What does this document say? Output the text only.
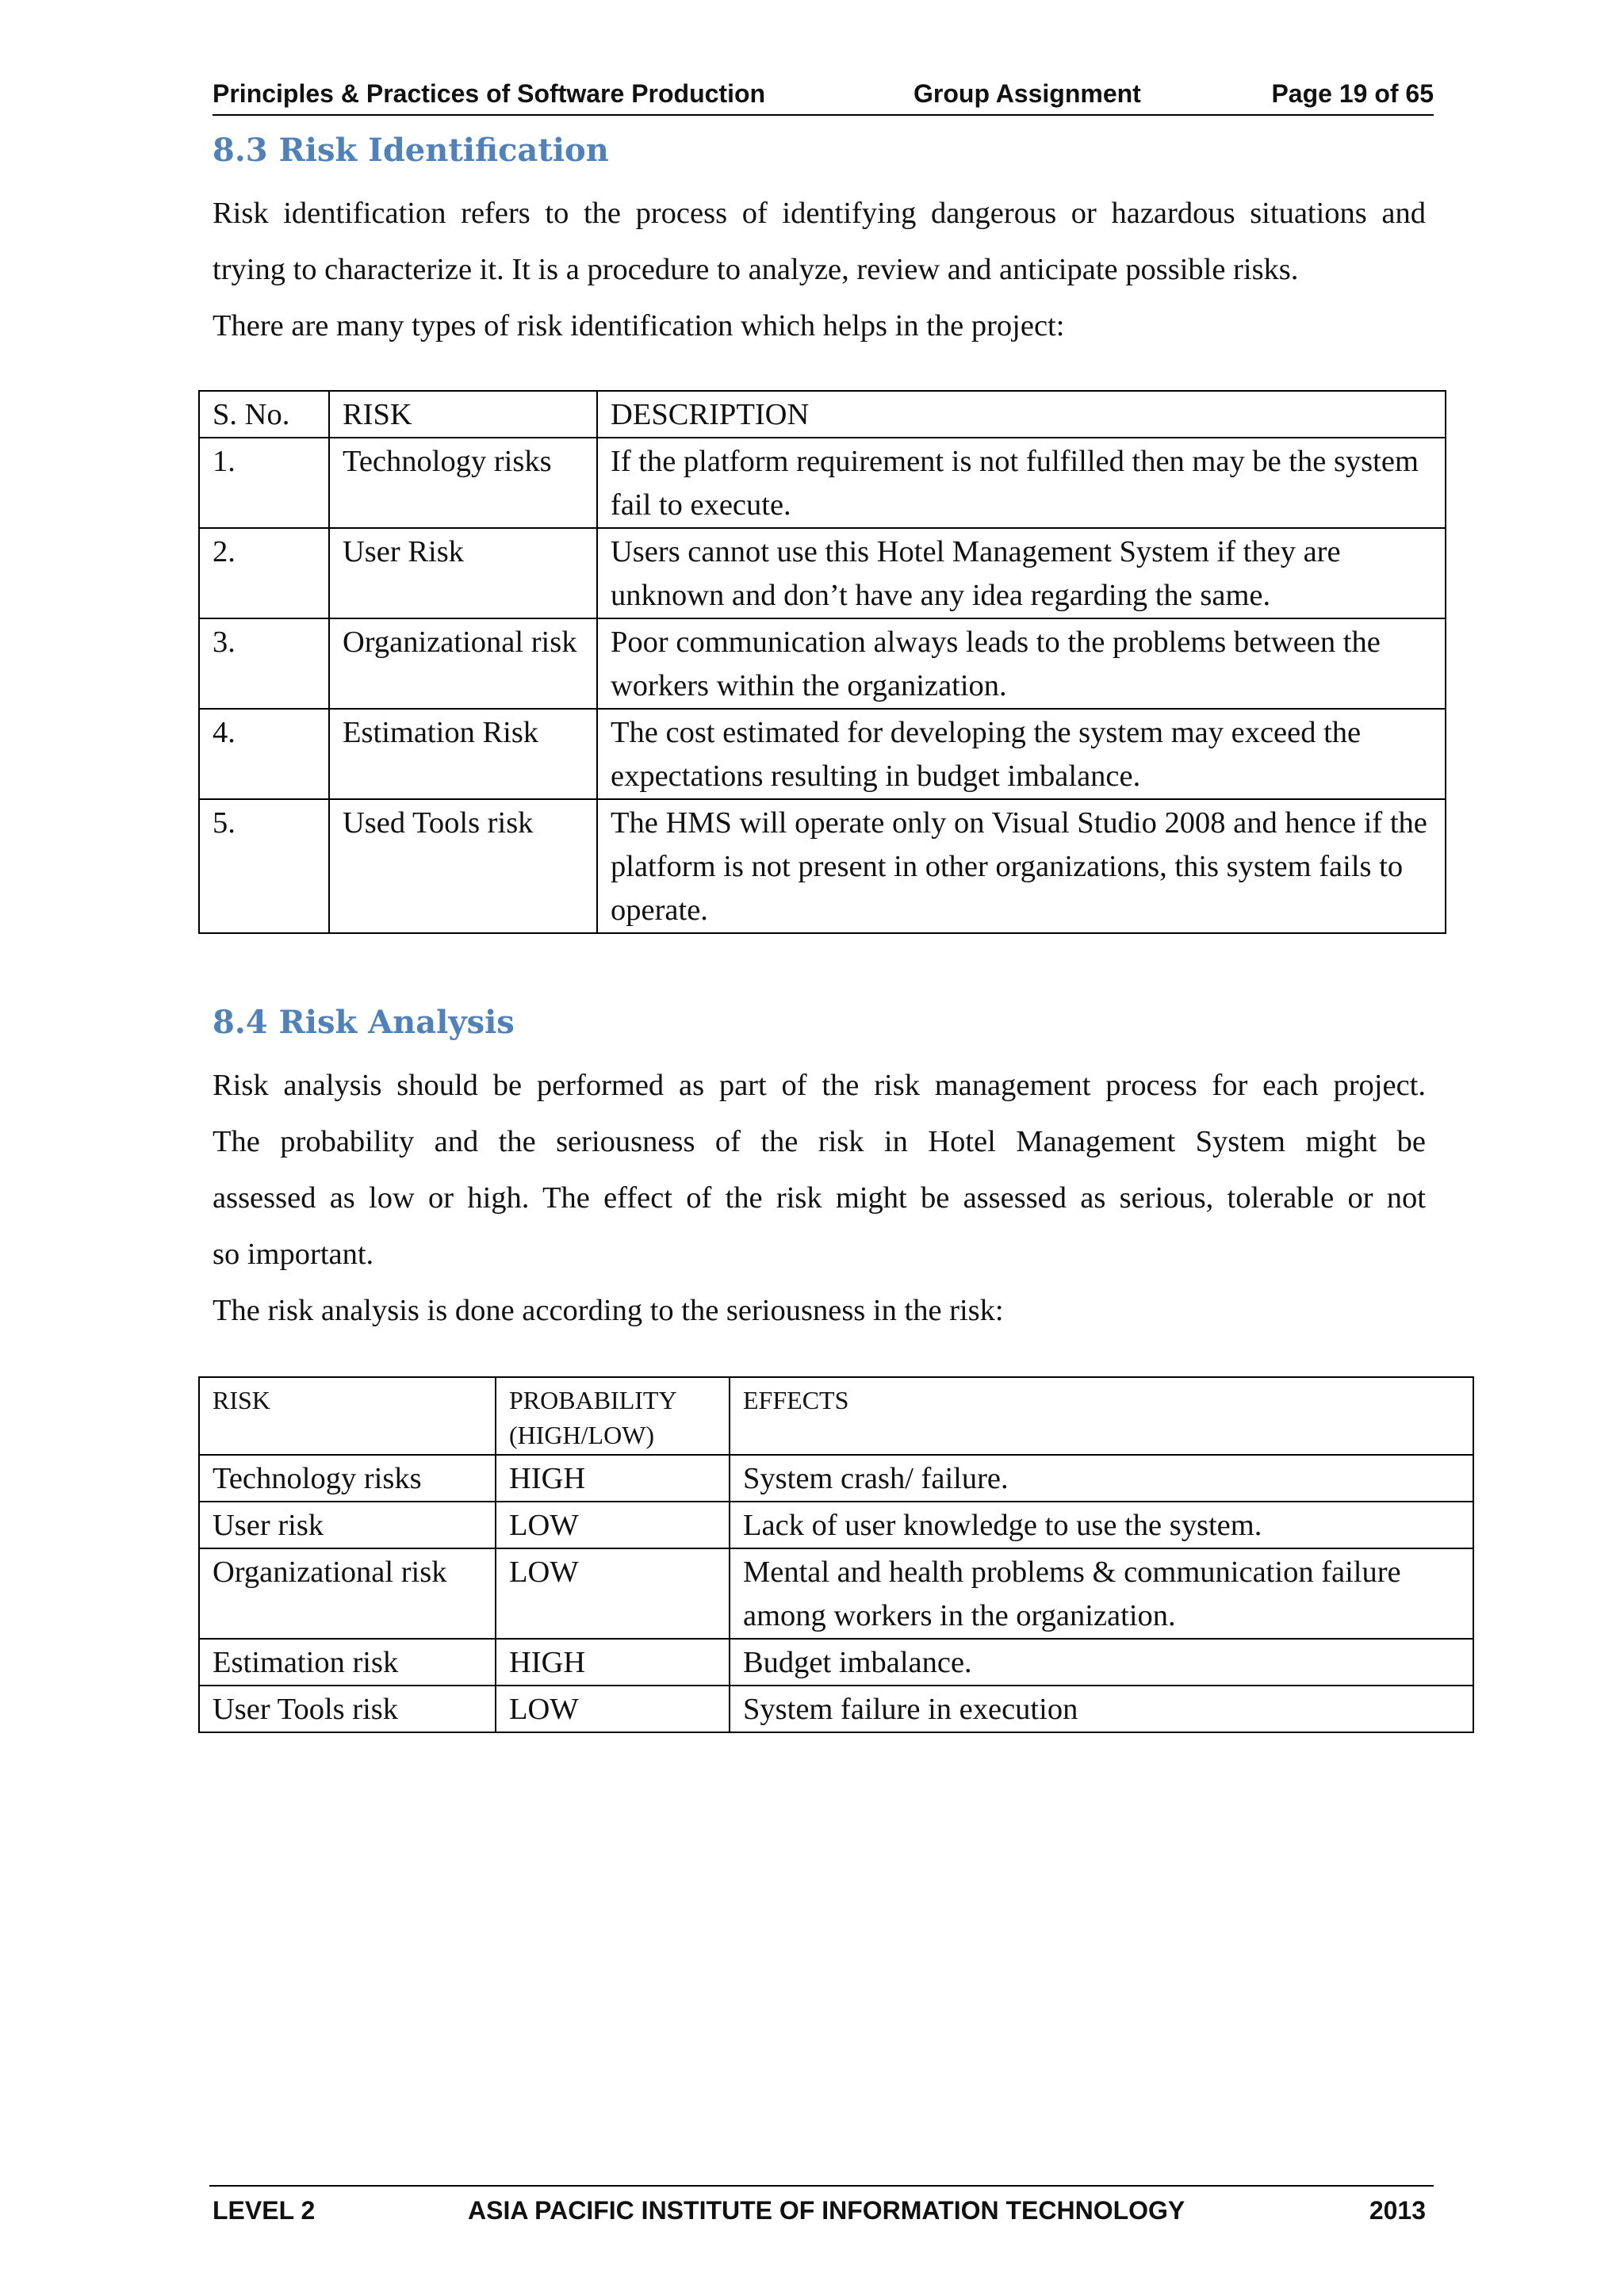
Principles & Practices of Software Production	Group Assignment	Page 19 of 65
8.3 Risk Identification

Risk identification refers to the process of identifying dangerous or hazardous situations and

trying to characterize it. It is a procedure to analyze, review and anticipate possible risks.

There are many types of risk identification which helps in the project:

S. No.	RISK	DESCRIPTION
1.	Technology risks	If the platform requirement is not fulfilled then may be the system fail to execute.
2.	User Risk	Users cannot use this Hotel Management System if they are unknown and don’t have any idea regarding the same.
3.	Organizational risk	Poor communication always leads to the problems between the workers within the organization.
4.	Estimation Risk	The cost estimated for developing the system may exceed the expectations resulting in budget imbalance.
5.	Used Tools risk	The HMS will operate only on Visual Studio 2008 and hence if the platform is not present in other organizations, this system fails to operate.
8.4 Risk Analysis

Risk analysis should be performed as part of the risk management process for each project.

The probability and the seriousness of the risk in Hotel Management System might be

assessed as low or high. The effect of the risk might be assessed as serious, tolerable or not

so important.

The risk analysis is done according to the seriousness in the risk:

RISK	PROBABILITY (HIGH/LOW)	EFFECTS
Technology risks	HIGH	System crash/ failure.
User risk	LOW	Lack of user knowledge to use the system.
Organizational risk	LOW	Mental and health problems & communication failure among workers in the organization.
Estimation risk	HIGH	Budget imbalance.
User Tools risk	LOW	System failure in execution
LEVEL 2	ASIA PACIFIC INSTITUTE OF INFORMATION TECHNOLOGY	2013
